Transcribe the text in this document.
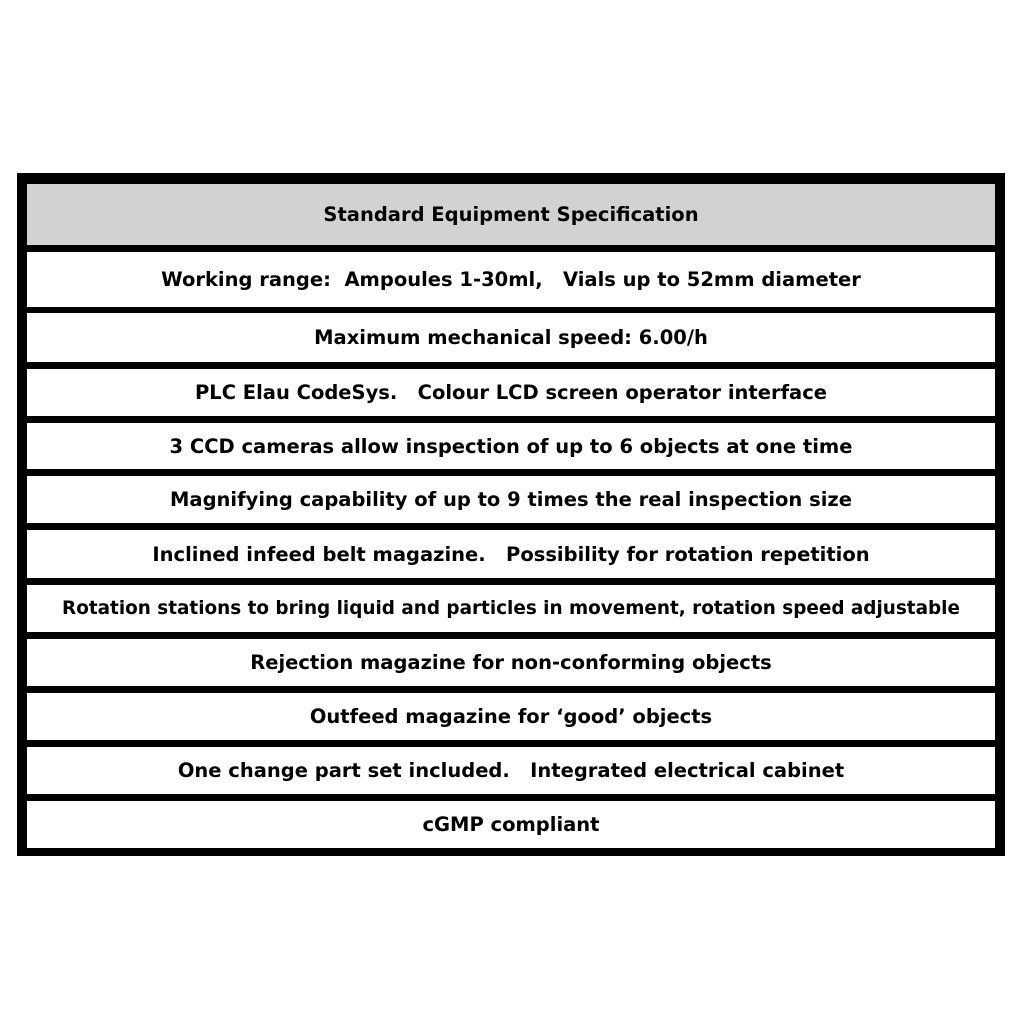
Standard Equipment Specification
Working range:  Ampoules 1-30ml,   Vials up to 52mm diameter
Maximum mechanical speed: 6.00/h
PLC Elau CodeSys.   Colour LCD screen operator interface
3 CCD cameras allow inspection of up to 6 objects at one time
Magnifying capability of up to 9 times the real inspection size
Inclined infeed belt magazine.   Possibility for rotation repetition
Rotation stations to bring liquid and particles in movement, rotation speed adjustable
Rejection magazine for non-conforming objects
Outfeed magazine for ‘good’ objects
One change part set included.   Integrated electrical cabinet
cGMP compliant
